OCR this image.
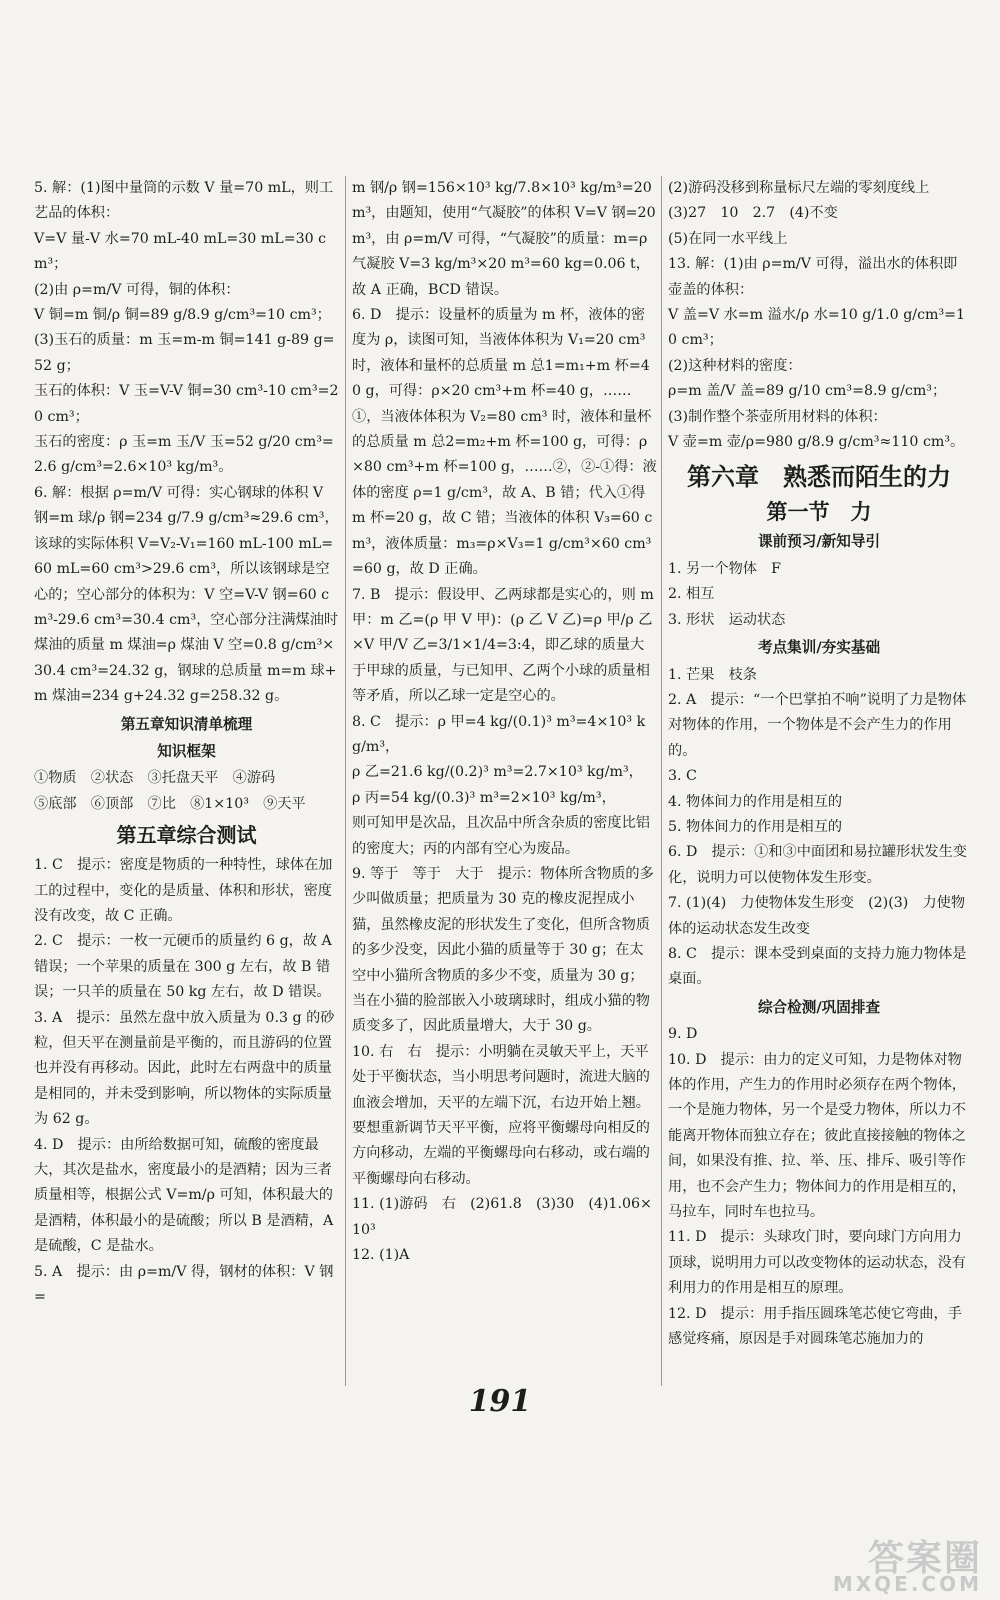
5. 解：(1)图中量筒的示数 V 量=70 mL，则工艺品的体积：

V=V 量-V 水=70 mL-40 mL=30 mL=30 cm³；

(2)由 ρ=m/V 可得，铜的体积：

V 铜=m 铜/ρ 铜=89 g/8.9 g/cm³=10 cm³；

(3)玉石的质量：m 玉=m-m 铜=141 g-89 g=52 g；

玉石的体积：V 玉=V-V 铜=30 cm³-10 cm³=20 cm³；

玉石的密度：ρ 玉=m 玉/V 玉=52 g/20 cm³=2.6 g/cm³=2.6×10³ kg/m³。

6. 解：根据 ρ=m/V 可得：实心钢球的体积 V 钢=m 球/ρ 钢=234 g/7.9 g/cm³≈29.6 cm³，该球的实际体积 V=V₂-V₁=160 mL-100 mL=60 mL=60 cm³>29.6 cm³，所以该钢球是空心的；空心部分的体积为：V 空=V-V 钢=60 cm³-29.6 cm³=30.4 cm³，空心部分注满煤油时煤油的质量 m 煤油=ρ 煤油 V 空=0.8 g/cm³×30.4 cm³=24.32 g，钢球的总质量 m=m 球+m 煤油=234 g+24.32 g=258.32 g。

第五章知识清单梳理
知识框架

①物质　②状态　③托盘天平　④游码

⑤底部　⑥顶部　⑦比　⑧1×10³　⑨天平

第五章综合测试

1. C　提示：密度是物质的一种特性，球体在加工的过程中，变化的是质量、体积和形状，密度没有改变，故 C 正确。

2. C　提示：一枚一元硬币的质量约 6 g，故 A 错误；一个苹果的质量在 300 g 左右，故 B 错误；一只羊的质量在 50 kg 左右，故 D 错误。

3. A　提示：虽然左盘中放入质量为 0.3 g 的砂粒，但天平在测量前是平衡的，而且游码的位置也并没有再移动。因此，此时左右两盘中的质量是相同的，并未受到影响，所以物体的实际质量为 62 g。

4. D　提示：由所给数据可知，硫酸的密度最大，其次是盐水，密度最小的是酒精；因为三者质量相等，根据公式 V=m/ρ 可知，体积最大的是酒精，体积最小的是硫酸；所以 B 是酒精，A 是硫酸，C 是盐水。

5. A　提示：由 ρ=m/V 得，钢材的体积：V 钢=

m 钢/ρ 钢=156×10³ kg/7.8×10³ kg/m³=20 m³，由题知，使用“气凝胶”的体积 V=V 钢=20 m³，由 ρ=m/V 可得，“气凝胶”的质量：m=ρ 气凝胶 V=3 kg/m³×20 m³=60 kg=0.06 t，故 A 正确，BCD 错误。

6. D　提示：设量杯的质量为 m 杯，液体的密度为 ρ，读图可知，当液体体积为 V₁=20 cm³ 时，液体和量杯的总质量 m 总1=m₁+m 杯=40 g，可得：ρ×20 cm³+m 杯=40 g，……①，当液体体积为 V₂=80 cm³ 时，液体和量杯的总质量 m 总2=m₂+m 杯=100 g，可得：ρ×80 cm³+m 杯=100 g，……②，②-①得：液体的密度 ρ=1 g/cm³，故 A、B 错；代入①得 m 杯=20 g，故 C 错；当液体的体积 V₃=60 cm³，液体质量：m₃=ρ×V₃=1 g/cm³×60 cm³=60 g，故 D 正确。

7. B　提示：假设甲、乙两球都是实心的，则 m 甲：m 乙=(ρ 甲 V 甲)：(ρ 乙 V 乙)=ρ 甲/ρ 乙×V 甲/V 乙=3/1×1/4=3:4，即乙球的质量大于甲球的质量，与已知甲、乙两个小球的质量相等矛盾，所以乙球一定是空心的。

8. C　提示：ρ 甲=4 kg/(0.1)³ m³=4×10³ kg/m³，

ρ 乙=21.6 kg/(0.2)³ m³=2.7×10³ kg/m³，

ρ 丙=54 kg/(0.3)³ m³=2×10³ kg/m³，

则可知甲是次品，且次品中所含杂质的密度比铝的密度大；丙的内部有空心为废品。

9. 等于　等于　大于　提示：物体所含物质的多少叫做质量；把质量为 30 克的橡皮泥捏成小猫，虽然橡皮泥的形状发生了变化，但所含物质的多少没变，因此小猫的质量等于 30 g；在太空中小猫所含物质的多少不变，质量为 30 g；当在小猫的脸部嵌入小玻璃球时，组成小猫的物质变多了，因此质量增大，大于 30 g。

10. 右　右　提示：小明躺在灵敏天平上，天平处于平衡状态，当小明思考问题时，流进大脑的血液会增加，天平的左端下沉，右边开始上翘。要想重新调节天平平衡，应将平衡螺母向相反的方向移动，左端的平衡螺母向右移动，或右端的平衡螺母向右移动。

11. (1)游码　右　(2)61.8　(3)30　(4)1.06×10³

12. (1)A

(2)游码没移到称量标尺左端的零刻度线上

(3)27　10　2.7　(4)不变

(5)在同一水平线上

13. 解：(1)由 ρ=m/V 可得，溢出水的体积即壶盖的体积：

V 盖=V 水=m 溢水/ρ 水=10 g/1.0 g/cm³=10 cm³；

(2)这种材料的密度：

ρ=m 盖/V 盖=89 g/10 cm³=8.9 g/cm³；

(3)制作整个茶壶所用材料的体积：

V 壶=m 壶/ρ=980 g/8.9 g/cm³≈110 cm³。

第六章　熟悉而陌生的力
第一节　力
课前预习/新知导引

1. 另一个物体　F

2. 相互

3. 形状　运动状态

考点集训/夯实基础

1. 芒果　枝条

2. A　提示：“一个巴掌拍不响”说明了力是物体对物体的作用，一个物体是不会产生力的作用的。

3. C

4. 物体间力的作用是相互的

5. 物体间力的作用是相互的

6. D　提示：①和③中面团和易拉罐形状发生变化，说明力可以使物体发生形变。

7. (1)(4)　力使物体发生形变　(2)(3)　力使物体的运动状态发生改变

8. C　提示：课本受到桌面的支持力施力物体是桌面。

综合检测/巩固排查

9. D

10. D　提示：由力的定义可知，力是物体对物体的作用，产生力的作用时必须存在两个物体，一个是施力物体，另一个是受力物体，所以力不能离开物体而独立存在；彼此直接接触的物体之间，如果没有推、拉、举、压、排斥、吸引等作用，也不会产生力；物体间力的作用是相互的，马拉车，同时车也拉马。

11. D　提示：头球攻门时，要向球门方向用力顶球，说明用力可以改变物体的运动状态，没有利用力的作用是相互的原理。

12. D　提示：用手指压圆珠笔芯使它弯曲，手感觉疼痛，原因是手对圆珠笔芯施加力的

191
答案圈
MXQE.COM
